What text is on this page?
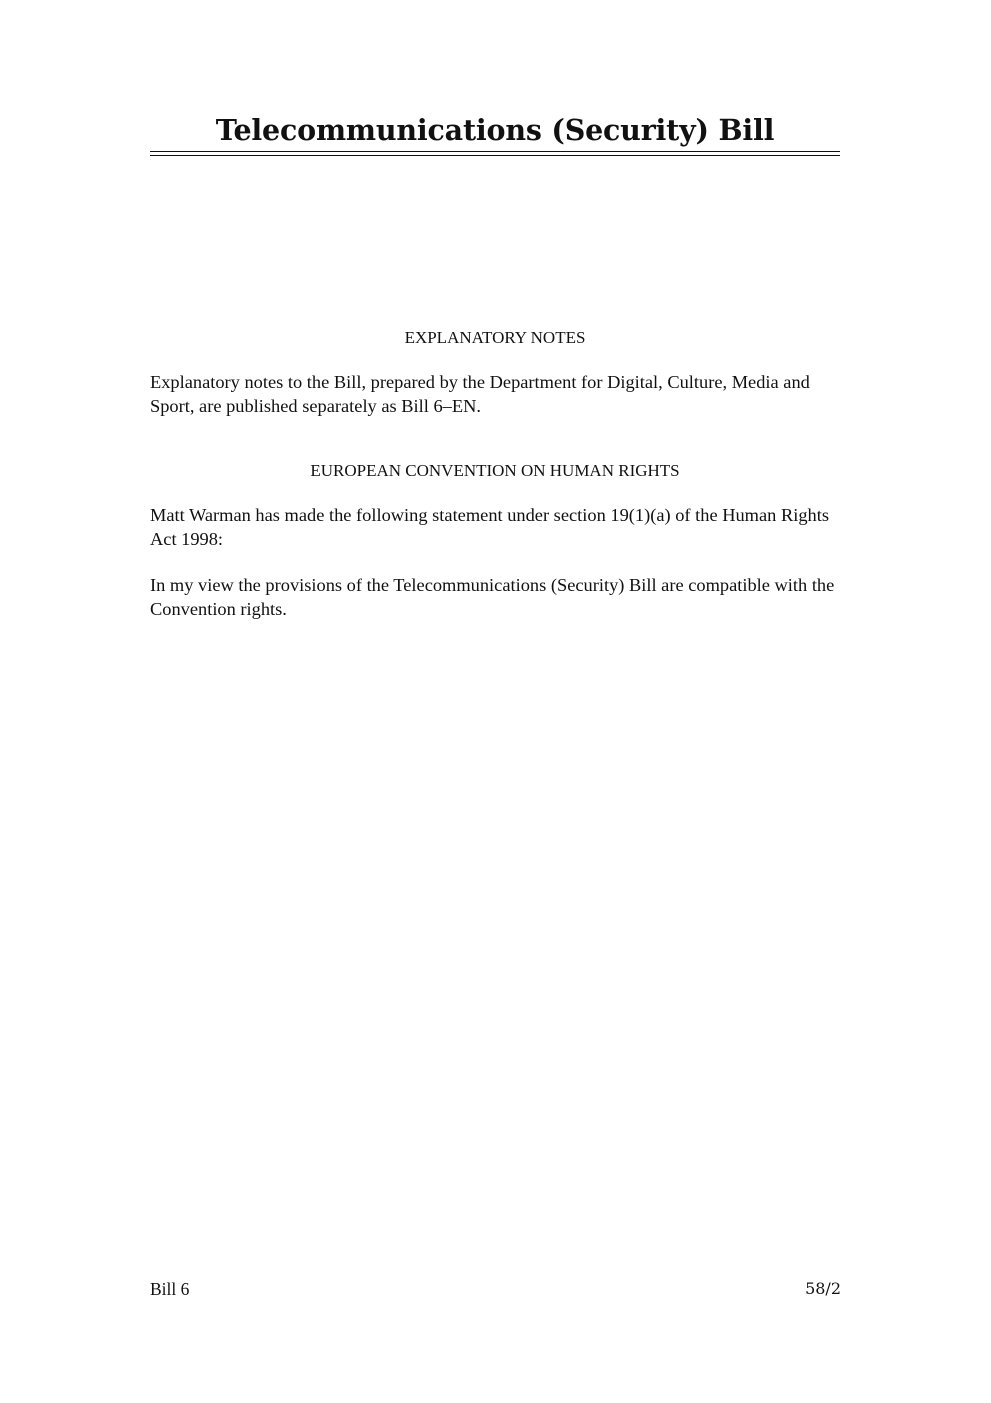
Telecommunications (Security) Bill
EXPLANATORY NOTES

Explanatory notes to the Bill, prepared by the Department for Digital, Culture, Media and Sport, are published separately as Bill 6–EN.

EUROPEAN CONVENTION ON HUMAN RIGHTS

Matt Warman has made the following statement under section 19(1)(a) of the Human Rights Act 1998:

In my view the provisions of the Telecommunications (Security) Bill are compatible with the Convention rights.

Bill 6	58/2
